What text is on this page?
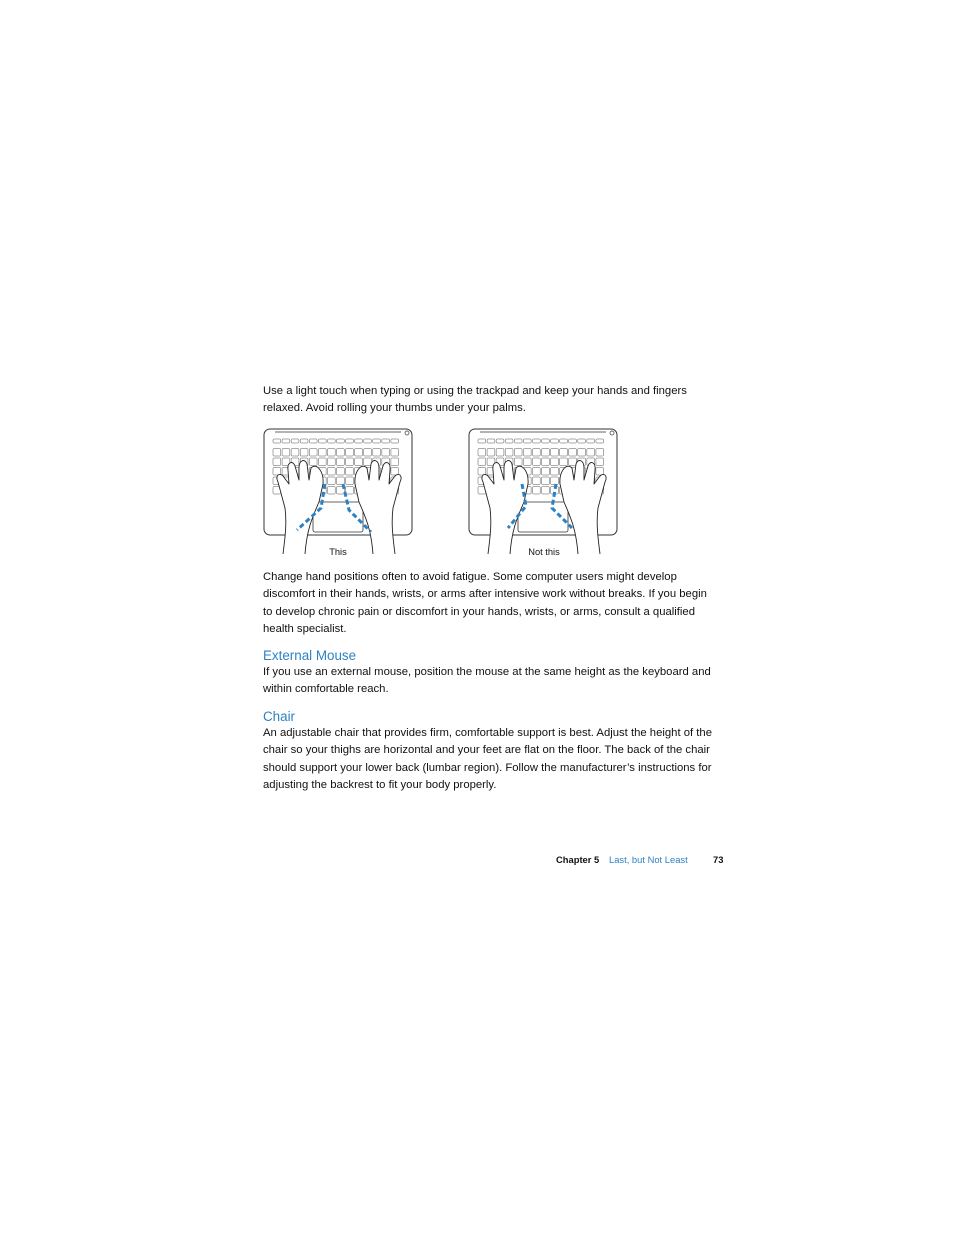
Use a light touch when typing or using the trackpad and keep your hands and fingers relaxed. Avoid rolling your thumbs under your palms.

This	Not this

Change hand positions often to avoid fatigue. Some computer users might develop discomfort in their hands, wrists, or arms after intensive work without breaks. If you begin to develop chronic pain or discomfort in your hands, wrists, or arms, consult a qualified health specialist.

External Mouse

If you use an external mouse, position the mouse at the same height as the keyboard and within comfortable reach.

Chair

An adjustable chair that provides firm, comfortable support is best. Adjust the height of the chair so your thighs are horizontal and your feet are flat on the floor. The back of the chair should support your lower back (lumbar region). Follow the manufacturer’s instructions for adjusting the backrest to fit your body properly.

Chapter 5 Last, but Not Least	73
